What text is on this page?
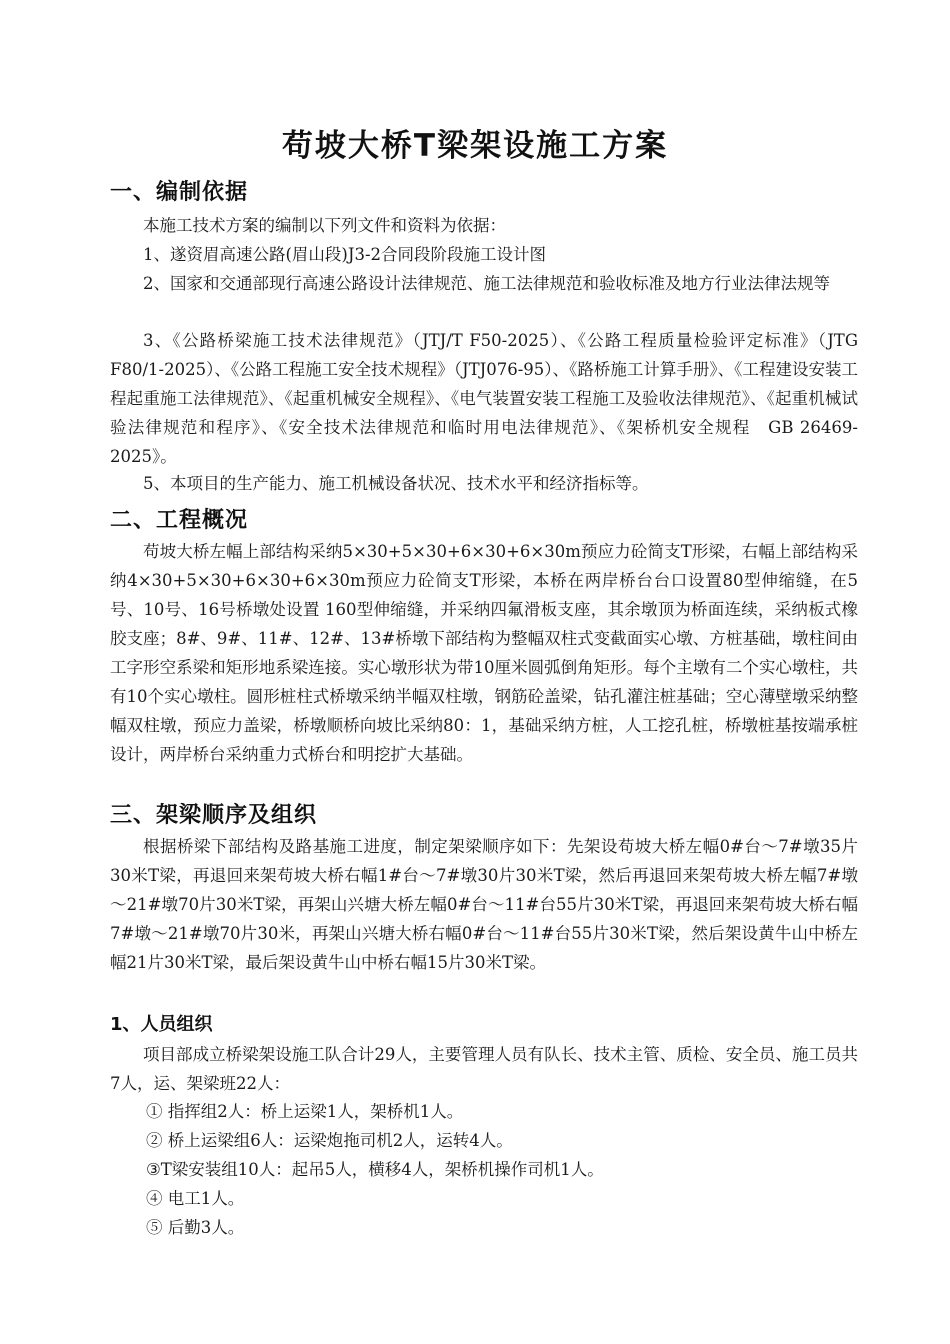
苟坡大桥T梁架设施工方案
一、编制依据
本施工技术方案的编制以下列文件和资料为依据：
1、遂资眉高速公路(眉山段)J3-2合同段阶段施工设计图
2、国家和交通部现行高速公路设计法律规范、施工法律规范和验收标准及地方行业法律法规等
3、《公路桥梁施工技术法律规范》（JTJ/T F50-2025）、《公路工程质量检验评定标准》（JTG F80/1-2025）、《公路工程施工安全技术规程》（JTJ076-95）、《路桥施工计算手册》、《工程建设安装工程起重施工法律规范》、《起重机械安全规程》、《电气装置安装工程施工及验收法律规范》、《起重机械试验法律规范和程序》、《安全技术法律规范和临时用电法律规范》、《架桥机安全规程　GB 26469-2025》。
5、本项目的生产能力、施工机械设备状况、技术水平和经济指标等。
二、工程概况
苟坡大桥左幅上部结构采纳5×30+5×30+6×30+6×30m预应力砼简支T形梁，右幅上部结构采纳4×30+5×30+6×30+6×30m预应力砼简支T形梁，本桥在两岸桥台台口设置80型伸缩缝，在5号、10号、16号桥墩处设置 160型伸缩缝，并采纳四氟滑板支座，其余墩顶为桥面连续，采纳板式橡胶支座；8#、9#、11#、12#、13#桥墩下部结构为整幅双柱式变截面实心墩、方桩基础，墩柱间由工字形空系梁和矩形地系梁连接。实心墩形状为带10厘米圆弧倒角矩形。每个主墩有二个实心墩柱，共有10个实心墩柱。圆形桩柱式桥墩采纳半幅双柱墩，钢筋砼盖梁，钻孔灌注桩基础；空心薄壁墩采纳整幅双柱墩，预应力盖梁，桥墩顺桥向坡比采纳80：1，基础采纳方桩，人工挖孔桩，桥墩桩基按端承桩设计，两岸桥台采纳重力式桥台和明挖扩大基础。
三、架梁顺序及组织
根据桥梁下部结构及路基施工进度，制定架梁顺序如下：先架设苟坡大桥左幅0#台～7#墩35片30米T梁，再退回来架苟坡大桥右幅1#台～7#墩30片30米T梁，然后再退回来架苟坡大桥左幅7#墩～21#墩70片30米T梁，再架山兴塘大桥左幅0#台～11#台55片30米T梁，再退回来架苟坡大桥右幅7#墩～21#墩70片30米，再架山兴塘大桥右幅0#台～11#台55片30米T梁，然后架设黄牛山中桥左幅21片30米T梁，最后架设黄牛山中桥右幅15片30米T梁。
1、人员组织
项目部成立桥梁架设施工队合计29人，主要管理人员有队长、技术主管、质检、安全员、施工员共7人，运、架梁班22人：
① 指挥组2人：桥上运梁1人，架桥机1人。
② 桥上运梁组6人：运梁炮拖司机2人，运转4人。
③T梁安装组10人：起吊5人，横移4人，架桥机操作司机1人。
④ 电工1人。
⑤ 后勤3人。
